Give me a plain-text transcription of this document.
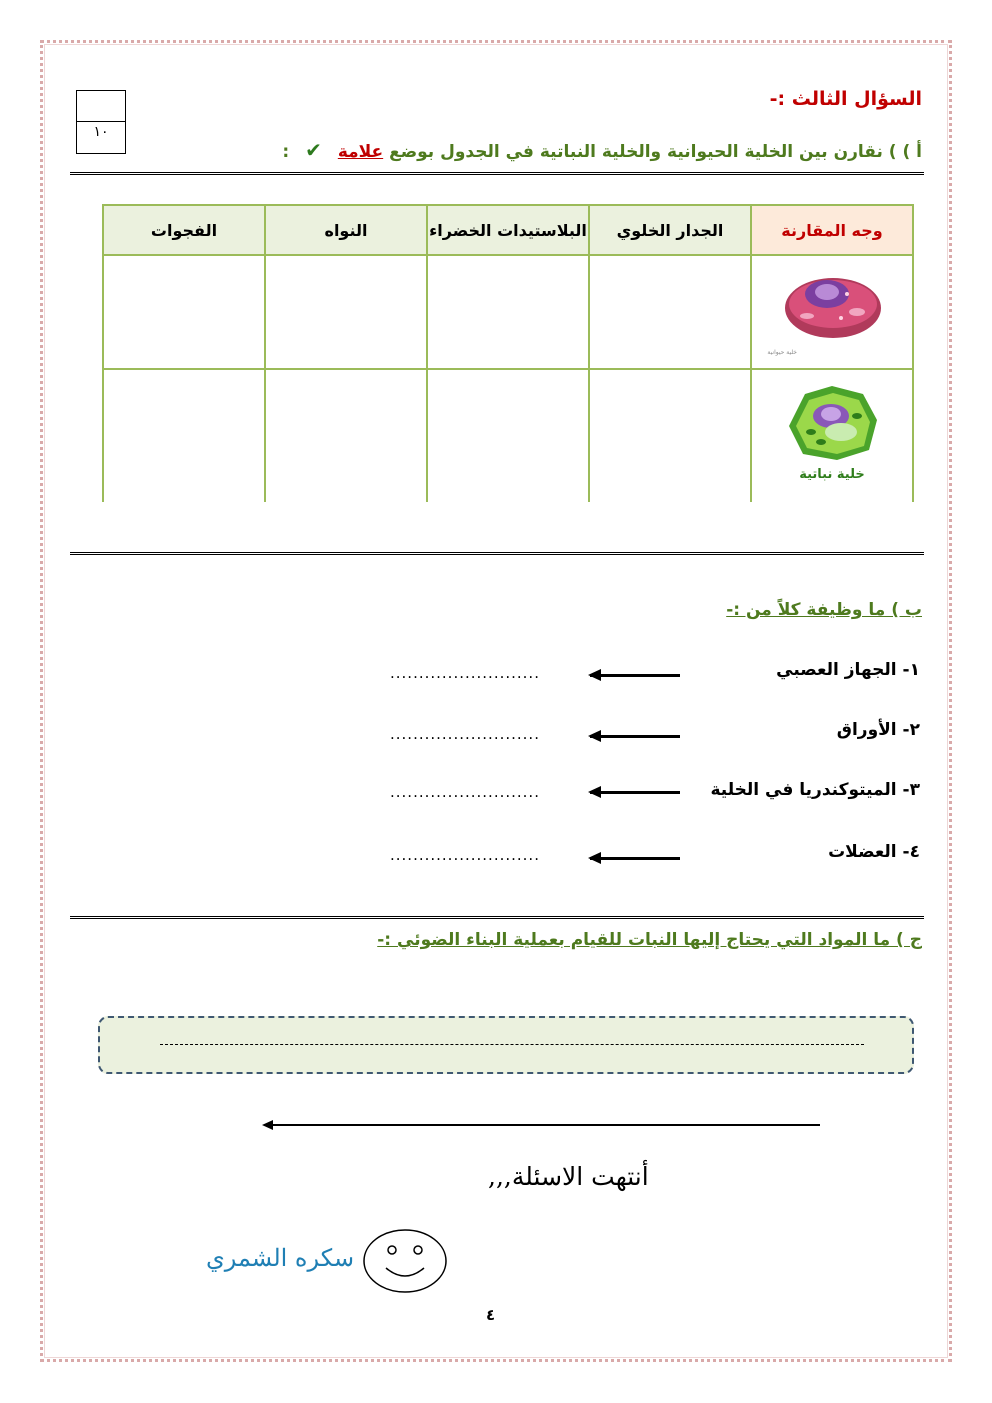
السؤال الثالث :-
١٠
أ ) ) نقارن بين الخلية الحيوانية والخلية النباتية في الجدول بوضع علامة ✔ :
وجه المقارنة	الجدار الخلوي	البلاستيدات الخضراء	النواه	الفجوات

خلية حيوانية				

خلية نباتية				

ب ) ما وظيفة كلاً من :-
١- الجهاز العصبي
..........................
٢- الأوراق
..........................
٣- الميتوكندريا في الخلية
..........................
٤- العضلات
..........................
ج ) ما المواد التي يحتاج إليها النبات للقيام بعملية البناء الضوئي :-
أنتهت الاسئلة,,,
سكره الشمري
٤
